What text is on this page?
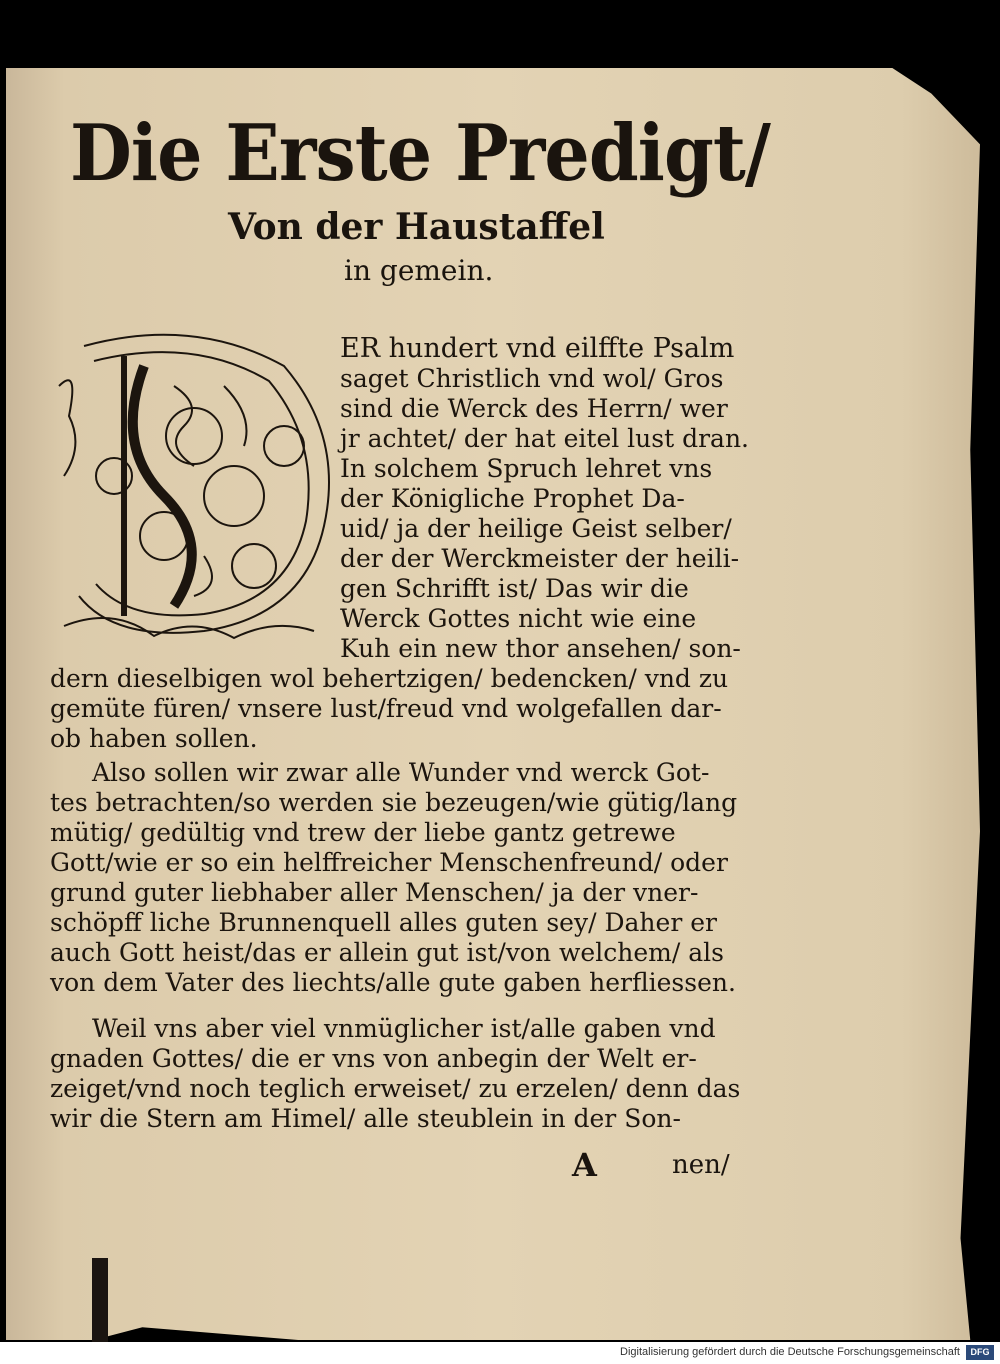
Die Erste Predigt/
Von der Haustaffel
in gemein.
ER hundert vnd eilffte Psalm
saget Christlich vnd wol/ Gros
sind die Werck des Herrn/ wer
jr achtet/ der hat eitel lust dran.
In solchem Spruch lehret vns
der Königliche Prophet Da-
uid/ ja der heilige Geist selber/
der der Werckmeister der heili-
gen Schrifft ist/ Das wir die
Werck Gottes nicht wie eine
Kuh ein new thor ansehen/ son-
dern dieselbigen wol behertzigen/ bedencken/ vnd zu
gemüte füren/ vnsere lust/freud vnd wolgefallen dar-
ob haben sollen.
Also sollen wir zwar alle Wunder vnd werck Got-
tes betrachten/so werden sie bezeugen/wie gütig/lang
mütig/ gedültig vnd trew der liebe gantz getrewe
Gott/wie er so ein helffreicher Menschenfreund/ oder
grund guter liebhaber aller Menschen/ ja der vner-
schöpff liche Brunnenquell alles guten sey/ Daher er
auch Gott heist/das er allein gut ist/von welchem/ als
von dem Vater des liechts/alle gute gaben herfliessen.
Weil vns aber viel vnmüglicher ist/alle gaben vnd
gnaden Gottes/ die er vns von anbegin der Welt er-
zeiget/vnd noch teglich erweiset/ zu erzelen/ denn das
wir die Stern am Himel/ alle steublein in der Son-
A	nen/
Digitalisierung gefördert durch die Deutsche Forschungsgemeinschaft	DFG
